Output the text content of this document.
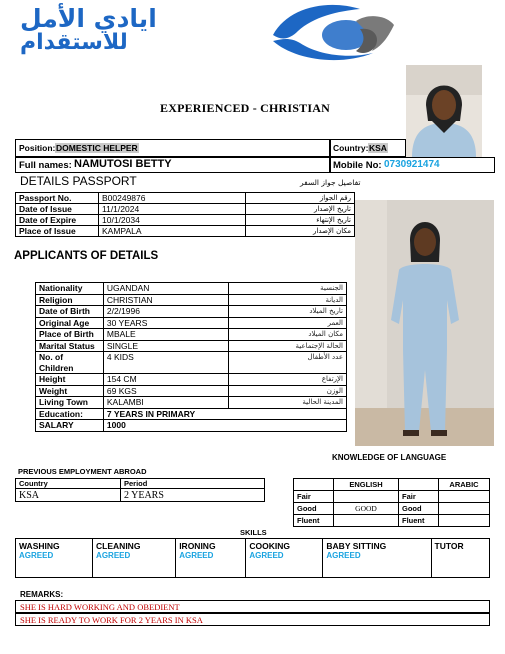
ايادي الأمل
للاستقدام
EXPERIENCED - CHRISTIAN
Position: DOMESTIC HELPER	Country: KSA
Full names: NAMUTOSI BETTY	Mobile No: 0730921474
DETAILS PASSPORT	تفاصيل جواز السفر
Passport No.	B00249876	رقم الجواز
Date of Issue	11/1/2024	تاريخ الإصدار
Date of Expire	10/1/2034	تاريخ الإنتهاء
Place of Issue	KAMPALA	مكان الإصدار
APPLICANTS OF DETAILS
Nationality	UGANDAN	الجنسية
Religion	CHRISTIAN	الديانة
Date of Birth	2/2/1996	تاريخ الميلاد
Original Age	30 YEARS	العمر
Place of Birth	MBALE	مكان الميلاد
Marital Status	SINGLE	الحالة الإجتماعية
No. of Children	4 KIDS	عدد الأطفال
Height	154 CM	الإرتفاع
Weight	69 KGS	الوزن
Living Town	KALAMBI	المدينة الحالية
Education:	7 YEARS IN PRIMARY	
SALARY	1000	
KNOWLEDGE OF LANGUAGE
PREVIOUS EMPLOYMENT ABROAD
Country	Period
KSA	2 YEARS
	ENGLISH		ARABIC
Fair		Fair	
Good	GOOD	Good	
Fluent		Fluent	
SKILLS
WASHING
AGREED

CLEANING
AGREED

IRONING
AGREED

COOKING
AGREED

BABY SITTING
AGREED

TUTOR
REMARKS:
SHE IS HARD WORKING AND OBEDIENT
SHE IS READY TO WORK FOR 2 YEARS IN KSA
